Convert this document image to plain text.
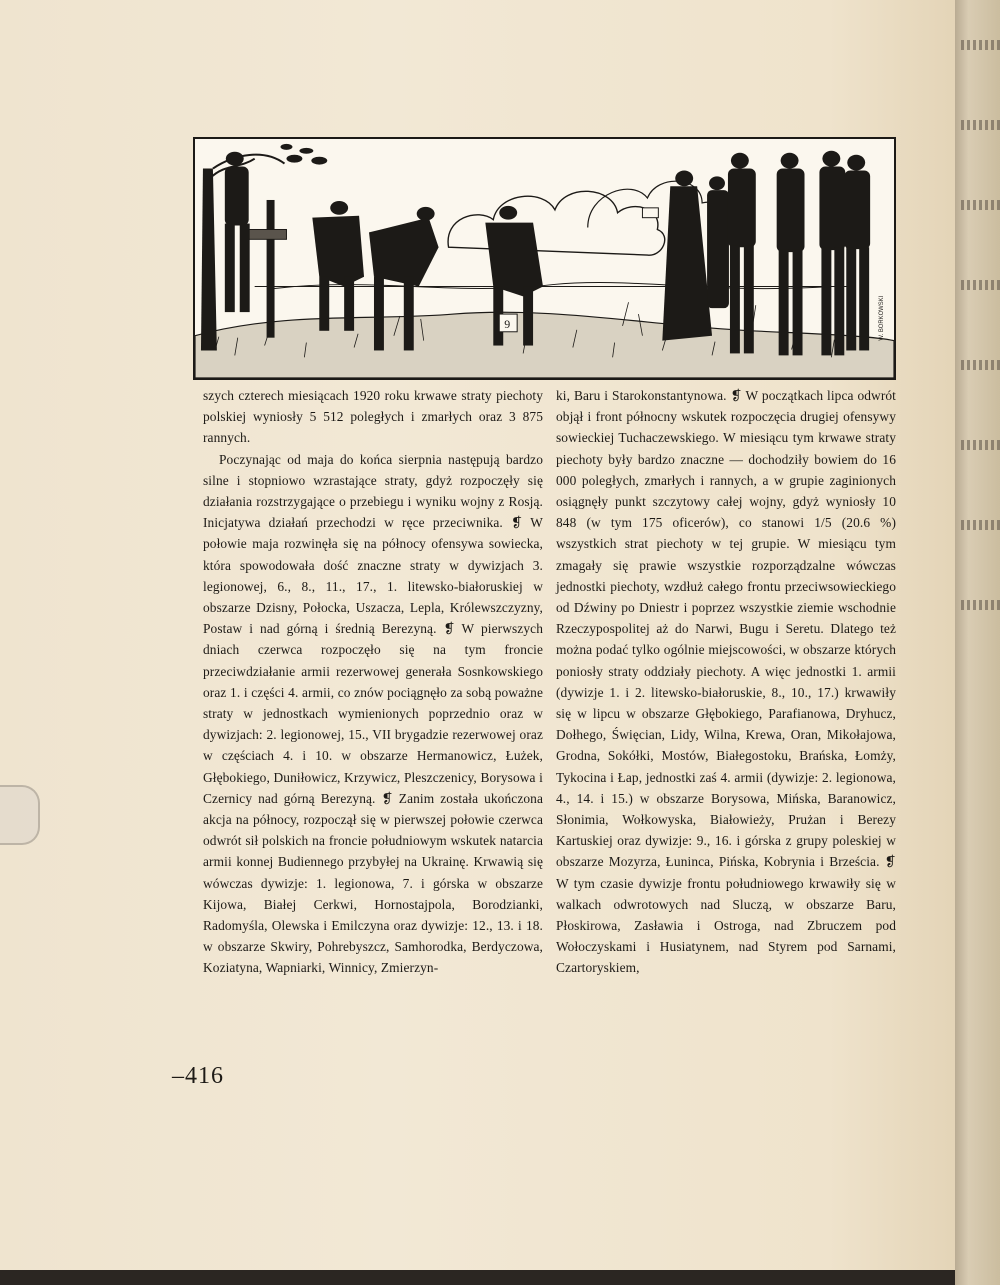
9	W. BORKOWSKI

szych czterech miesiącach 1920 roku krwawe straty piechoty polskiej wyniosły 5 512 poległych i zmarłych oraz 3 875 rannych.

Poczynając od maja do końca sierpnia następują bardzo silne i stopniowo wzrastające straty, gdyż rozpoczęły się działania rozstrzygające o przebiegu i wyniku wojny z Rosją. Inicjatywa działań przechodzi w ręce przeciwnika. ❡ W połowie maja rozwinęła się na północy ofensywa sowiecka, która spowodowała dość znaczne straty w dywizjach 3. legionowej, 6., 8., 11., 17., 1. litewsko-białoruskiej w obszarze Dzisny, Połocka, Uszacza, Lepla, Królewszczyzny, Postaw i nad górną i średnią Berezyną. ❡ W pierwszych dniach czerwca rozpoczęło się na tym froncie przeciwdziałanie armii rezerwowej generała Sosnkowskiego oraz 1. i części 4. armii, co znów pociągnęło za sobą poważne straty w jednostkach wymienionych poprzednio oraz w dywizjach: 2. legionowej, 15., VII brygadzie rezerwowej oraz w częściach 4. i 10. w obszarze Hermanowicz, Łużek, Głębokiego, Duniłowicz, Krzywicz, Pleszczenicy, Borysowa i Czernicy nad górną Berezyną. ❡ Zanim została ukończona akcja na północy, rozpoczął się w pierwszej połowie czerwca odwrót sił polskich na froncie południowym wskutek natarcia armii konnej Budiennego przybyłej na Ukrainę. Krwawią się wówczas dywizje: 1. legionowa, 7. i górska w obszarze Kijowa, Białej Cerkwi, Hornostajpola, Borodzianki, Radomyśla, Olewska i Emilczyna oraz dywizje: 12., 13. i 18. w obszarze Skwiry, Pohrebyszcz, Samhorodka, Berdyczowa, Koziatyna, Wapniarki, Winnicy, Zmierzyn-

ki, Baru i Starokonstantynowa. ❡ W początkach lipca odwrót objął i front północny wskutek rozpoczęcia drugiej ofensywy sowieckiej Tuchaczewskiego. W miesiącu tym krwawe straty piechoty były bardzo znaczne — dochodziły bowiem do 16 000 poległych, zmarłych i rannych, a w grupie zaginionych osiągnęły punkt szczytowy całej wojny, gdyż wyniosły 10 848 (w tym 175 oficerów), co stanowi 1/5 (20.6 %) wszystkich strat piechoty w tej grupie. W miesiącu tym zmagały się prawie wszystkie rozporządzalne wówczas jednostki piechoty, wzdłuż całego frontu przeciwsowieckiego od Dźwiny po Dniestr i poprzez wszystkie ziemie wschodnie Rzeczypospolitej aż do Narwi, Bugu i Seretu. Dlatego też można podać tylko ogólnie miejscowości, w obszarze których poniosły straty oddziały piechoty. A więc jednostki 1. armii (dywizje 1. i 2. litewsko-białoruskie, 8., 10., 17.) krwawiły się w lipcu w obszarze Głębokiego, Parafianowa, Dryhucz, Dołhego, Święcian, Lidy, Wilna, Krewa, Oran, Mikołajowa, Grodna, Sokółki, Mostów, Białegostoku, Brańska, Łomży, Tykocina i Łap, jednostki zaś 4. armii (dywizje: 2. legionowa, 4., 14. i 15.) w obszarze Borysowa, Mińska, Baranowicz, Słonimia, Wołkowyska, Białowieży, Prużan i Berezy Kartuskiej oraz dywizje: 9., 16. i górska z grupy poleskiej w obszarze Mozyrza, Łuninca, Pińska, Kobrynia i Brześcia. ❡ W tym czasie dywizje frontu południowego krwawiły się w walkach odwrotowych nad Sluczą, w obszarze Baru, Płoskirowa, Zasławia i Ostroga, nad Zbruczem pod Wołoczyskami i Husiatynem, nad Styrem pod Sarnami, Czartoryskiem,

–416
